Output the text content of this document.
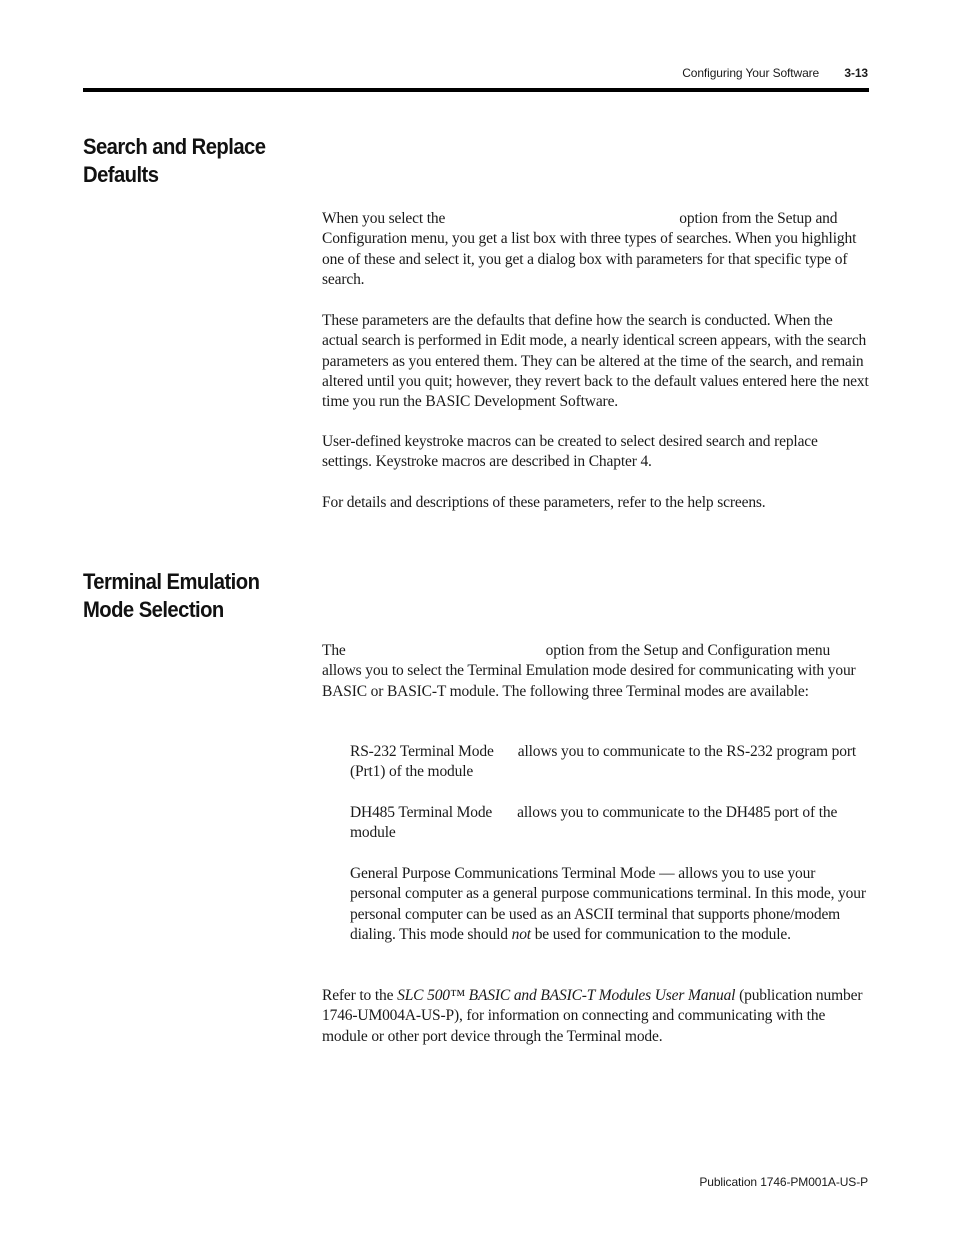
Configuring Your Software 3-13
Search and Replace
Defaults

When you select the	option from the Setup and Configuration menu, you get a list box with three types of searches. When you highlight one of these and select it, you get a dialog box with parameters for that specific type of search.

These parameters are the defaults that define how the search is conducted. When the actual search is performed in Edit mode, a nearly identical screen appears, with the search parameters as you entered them. They can be altered at the time of the search, and remain altered until you quit; however, they revert back to the default values entered here the next time you run the BASIC Development Software.

User-defined keystroke macros can be created to select desired search and replace settings. Keystroke macros are described in Chapter 4.

For details and descriptions of these parameters, refer to the help screens.

Terminal Emulation
Mode Selection

The	option from the Setup and Configuration menu allows you to select the Terminal Emulation mode desired for communicating with your BASIC or BASIC-T module. The following three Terminal modes are available:

RS-232 Terminal Mode allows you to communicate to the RS-232 program port (Prt1) of the module

DH485 Terminal Mode allows you to communicate to the DH485 port of the module

General Purpose Communications Terminal Mode — allows you to use your personal computer as a general purpose communications terminal. In this mode, your personal computer can be used as an ASCII terminal that supports phone/modem dialing. This mode should not be used for communication to the module.

Refer to the SLC 500™ BASIC and BASIC-T Modules User Manual (publication number 1746-UM004A-US-P), for information on connecting and communicating with the module or other port device through the Terminal mode.

Publication 1746-PM001A-US-P
